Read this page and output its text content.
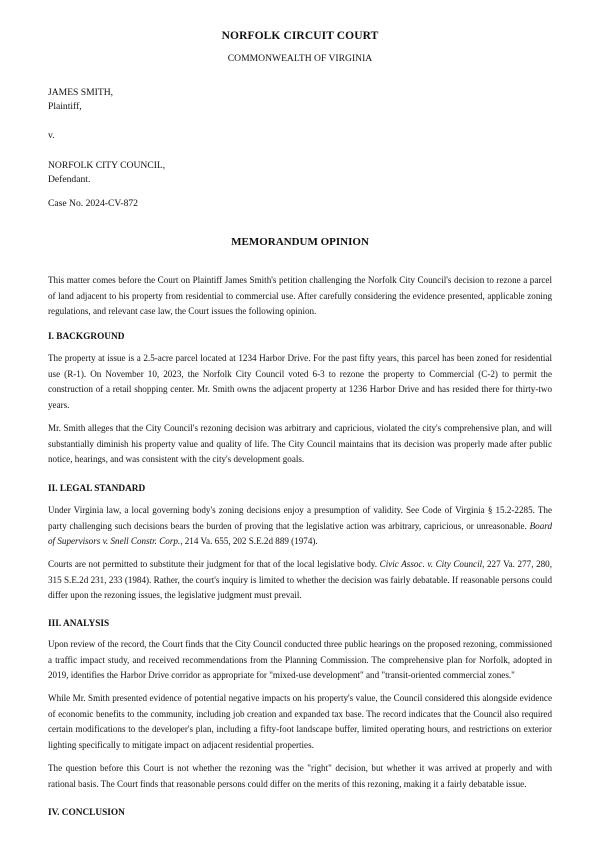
NORFOLK CIRCUIT COURT
COMMONWEALTH OF VIRGINIA
JAMES SMITH,
Plaintiff,
v.
NORFOLK CITY COUNCIL,
Defendant.
Case No. 2024-CV-872
MEMORANDUM OPINION
This matter comes before the Court on Plaintiff James Smith's petition challenging the Norfolk City Council's decision to rezone a parcel of land adjacent to his property from residential to commercial use. After carefully considering the evidence presented, applicable zoning regulations, and relevant case law, the Court issues the following opinion.
I. BACKGROUND
The property at issue is a 2.5-acre parcel located at 1234 Harbor Drive. For the past fifty years, this parcel has been zoned for residential use (R-1). On November 10, 2023, the Norfolk City Council voted 6-3 to rezone the property to Commercial (C-2) to permit the construction of a retail shopping center. Mr. Smith owns the adjacent property at 1236 Harbor Drive and has resided there for thirty-two years.
Mr. Smith alleges that the City Council's rezoning decision was arbitrary and capricious, violated the city's comprehensive plan, and will substantially diminish his property value and quality of life. The City Council maintains that its decision was properly made after public notice, hearings, and was consistent with the city's development goals.
II. LEGAL STANDARD
Under Virginia law, a local governing body's zoning decisions enjoy a presumption of validity. See Code of Virginia § 15.2-2285. The party challenging such decisions bears the burden of proving that the legislative action was arbitrary, capricious, or unreasonable. Board of Supervisors v. Snell Constr. Corp., 214 Va. 655, 202 S.E.2d 889 (1974).
Courts are not permitted to substitute their judgment for that of the local legislative body. Civic Assoc. v. City Council, 227 Va. 277, 280, 315 S.E.2d 231, 233 (1984). Rather, the court's inquiry is limited to whether the decision was fairly debatable. If reasonable persons could differ upon the rezoning issues, the legislative judgment must prevail.
III. ANALYSIS
Upon review of the record, the Court finds that the City Council conducted three public hearings on the proposed rezoning, commissioned a traffic impact study, and received recommendations from the Planning Commission. The comprehensive plan for Norfolk, adopted in 2019, identifies the Harbor Drive corridor as appropriate for "mixed-use development" and "transit-oriented commercial zones."
While Mr. Smith presented evidence of potential negative impacts on his property's value, the Council considered this alongside evidence of economic benefits to the community, including job creation and expanded tax base. The record indicates that the Council also required certain modifications to the developer's plan, including a fifty-foot landscape buffer, limited operating hours, and restrictions on exterior lighting specifically to mitigate impact on adjacent residential properties.
The question before this Court is not whether the rezoning was the "right" decision, but whether it was arrived at properly and with rational basis. The Court finds that reasonable persons could differ on the merits of this rezoning, making it a fairly debatable issue.
IV. CONCLUSION
